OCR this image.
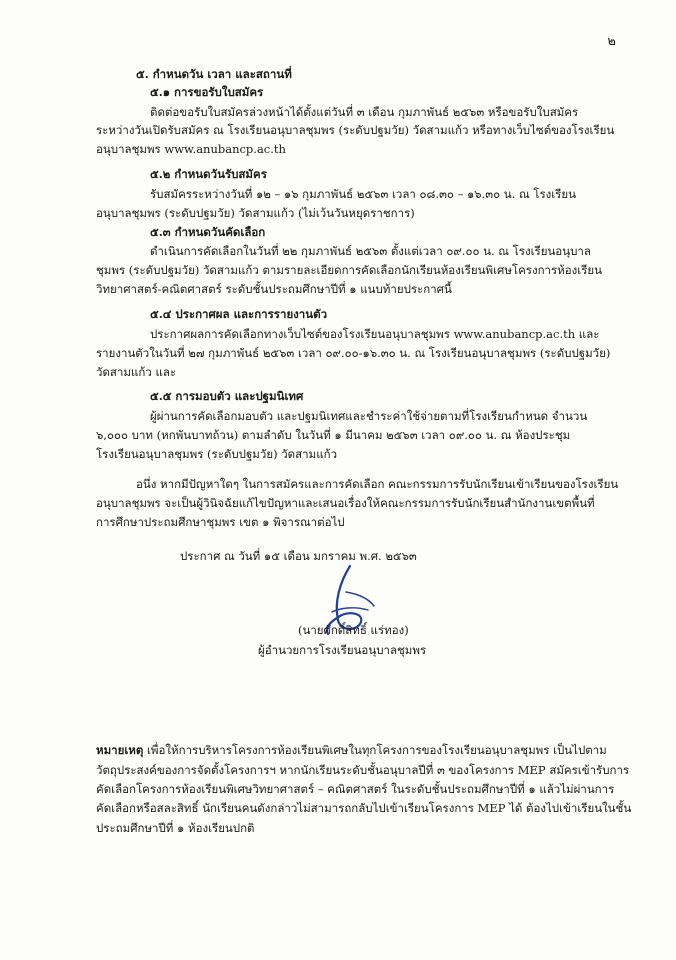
๒
๕. กำหนดวัน เวลา และสถานที่
๕.๑ การขอรับใบสมัคร
ติดต่อขอรับใบสมัครล่วงหน้าได้ตั้งแต่วันที่ ๓ เดือน กุมภาพันธ์ ๒๕๖๓ หรือขอรับใบสมัคร
ระหว่างวันเปิดรับสมัคร ณ โรงเรียนอนุบาลชุมพร (ระดับปฐมวัย) วัดสามแก้ว หรือทางเว็บไซต์ของโรงเรียน
อนุบาลชุมพร www.anubancp.ac.th
๕.๒ กำหนดวันรับสมัคร
รับสมัครระหว่างวันที่ ๑๒ – ๑๖ กุมภาพันธ์ ๒๕๖๓ เวลา ๐๘.๓๐ – ๑๖.๓๐ น. ณ โรงเรียน
อนุบาลชุมพร (ระดับปฐมวัย) วัดสามแก้ว (ไม่เว้นวันหยุดราชการ)
๕.๓ กำหนดวันคัดเลือก
ดำเนินการคัดเลือกในวันที่ ๒๒ กุมภาพันธ์ ๒๕๖๓ ตั้งแต่เวลา ๐๙.๐๐ น. ณ โรงเรียนอนุบาล
ชุมพร (ระดับปฐมวัย) วัดสามแก้ว ตามรายละเอียดการคัดเลือกนักเรียนห้องเรียนพิเศษโครงการห้องเรียน
วิทยาศาสตร์-คณิตศาสตร์ ระดับชั้นประถมศึกษาปีที่ ๑ แนบท้ายประกาศนี้
๕.๔ ประกาศผล และการรายงานตัว
ประกาศผลการคัดเลือกทางเว็บไซต์ของโรงเรียนอนุบาลชุมพร www.anubancp.ac.th และ
รายงานตัวในวันที่ ๒๗ กุมภาพันธ์ ๒๕๖๓ เวลา ๐๙.๐๐-๑๖.๓๐ น. ณ โรงเรียนอนุบาลชุมพร (ระดับปฐมวัย)
วัดสามแก้ว และ
๕.๕ การมอบตัว และปฐมนิเทศ
ผู้ผ่านการคัดเลือกมอบตัว และปฐมนิเทศและชำระค่าใช้จ่ายตามที่โรงเรียนกำหนด จำนวน
๖,๐๐๐ บาท (หกพันบาทถ้วน) ตามลำดับ ในวันที่ ๑ มีนาคม ๒๕๖๓ เวลา ๐๙.๐๐ น. ณ ห้องประชุม
โรงเรียนอนุบาลชุมพร (ระดับปฐมวัย) วัดสามแก้ว
อนึ่ง หากมีปัญหาใดๆ ในการสมัครและการคัดเลือก คณะกรรมการรับนักเรียนเข้าเรียนของโรงเรียน
อนุบาลชุมพร จะเป็นผู้วินิจฉัยแก้ไขปัญหาและเสนอเรื่องให้คณะกรรมการรับนักเรียนสำนักงานเขตพื้นที่
การศึกษาประถมศึกษาชุมพร เขต ๑ พิจารณาต่อไป
ประกาศ ณ วันที่ ๑๕ เดือน มกราคม พ.ศ. ๒๕๖๓
(นายศักดิ์สิทธิ์ แร่ทอง)
ผู้อำนวยการโรงเรียนอนุบาลชุมพร
หมายเหตุ เพื่อให้การบริหารโครงการห้องเรียนพิเศษในทุกโครงการของโรงเรียนอนุบาลชุมพร เป็นไปตาม
วัตถุประสงค์ของการจัดตั้งโครงการฯ หากนักเรียนระดับชั้นอนุบาลปีที่ ๓ ของโครงการ MEP สมัครเข้ารับการ
คัดเลือกโครงการห้องเรียนพิเศษวิทยาศาสตร์ – คณิตศาสตร์ ในระดับชั้นประถมศึกษาปีที่ ๑ แล้วไม่ผ่านการ
คัดเลือกหรือสละสิทธิ์ นักเรียนคนดังกล่าวไม่สามารถกลับไปเข้าเรียนโครงการ MEP ได้ ต้องไปเข้าเรียนในชั้น
ประถมศึกษาปีที่ ๑ ห้องเรียนปกติ
